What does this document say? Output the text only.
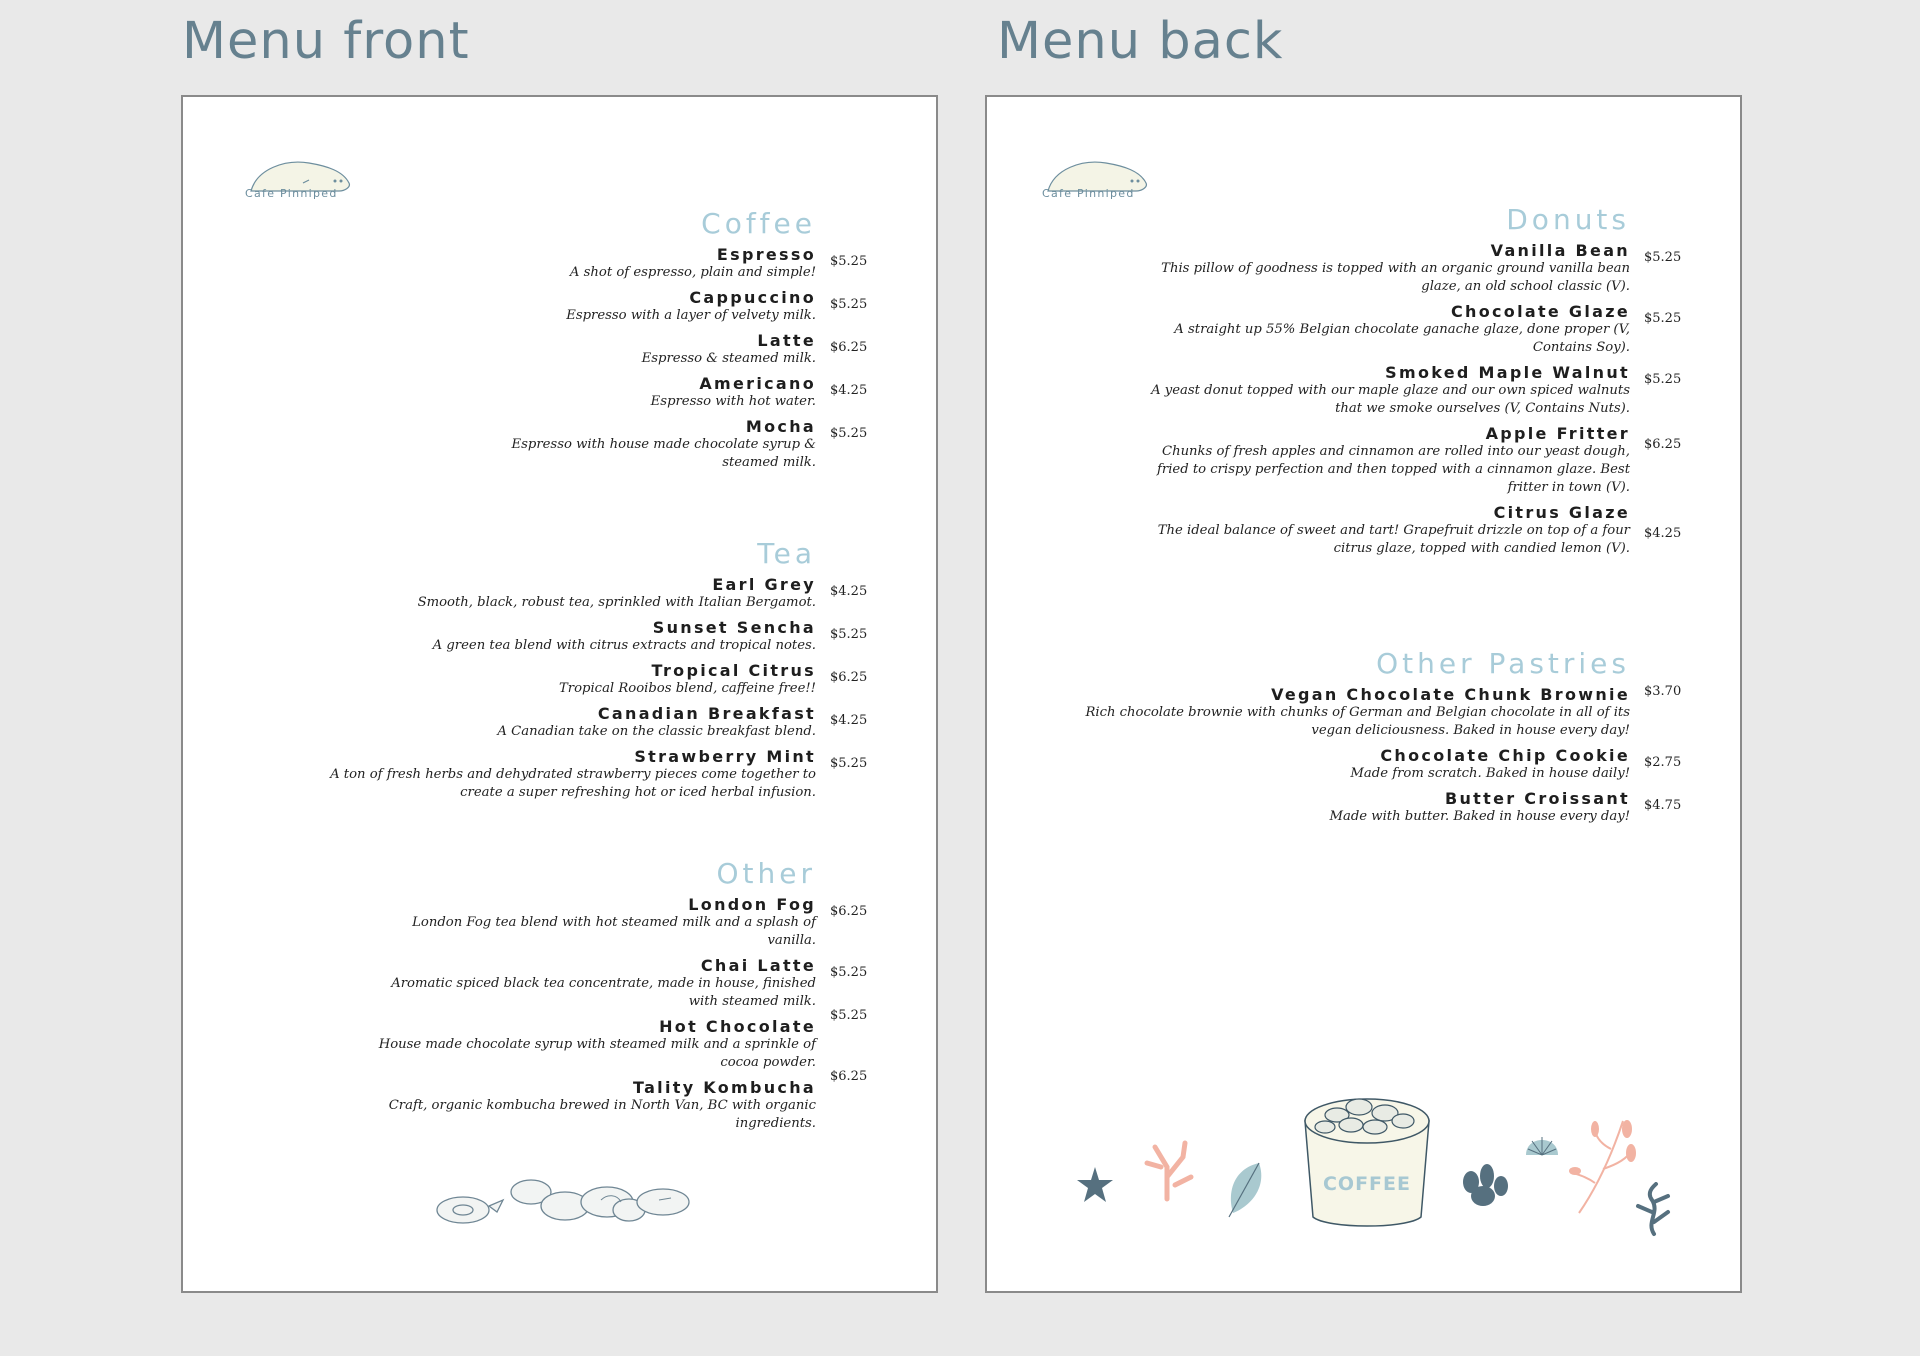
Menu front	Menu back
Cafe Pinniped
Coffee
Espresso
A shot of espresso, plain and simple!
$5.25
Cappuccino
Espresso with a layer of velvety milk.
$5.25
Latte
Espresso & steamed milk.
$6.25
Americano
Espresso with hot water.
$4.25
Mocha
Espresso with house made chocolate syrup &
steamed milk.
$5.25
Tea
Earl Grey
Smooth, black, robust tea, sprinkled with Italian Bergamot.
$4.25
Sunset Sencha
A green tea blend with citrus extracts and tropical notes.
$5.25
Tropical Citrus
Tropical Rooibos blend, caffeine free!!
$6.25
Canadian Breakfast
A Canadian take on the classic breakfast blend.
$4.25
Strawberry Mint
A ton of fresh herbs and dehydrated strawberry pieces come together to
create a super refreshing hot or iced herbal infusion.
$5.25
Other
London Fog
London Fog tea blend with hot steamed milk and a splash of
vanilla.
$6.25
Chai Latte
Aromatic spiced black tea concentrate, made in house, finished
with steamed milk.
$5.25
Hot Chocolate
House made chocolate syrup with steamed milk and a sprinkle of
cocoa powder.
$5.25
Tality Kombucha
Craft, organic kombucha brewed in North Van, BC with organic
ingredients.
$6.25
Cafe Pinniped
Donuts
Vanilla Bean
This pillow of goodness is topped with an organic ground vanilla bean
glaze, an old school classic (V).
$5.25
Chocolate Glaze
A straight up 55% Belgian chocolate ganache glaze, done proper (V,
Contains Soy).
$5.25
Smoked Maple Walnut
A yeast donut topped with our maple glaze and our own spiced walnuts
that we smoke ourselves (V, Contains Nuts).
$5.25
Apple Fritter
Chunks of fresh apples and cinnamon are rolled into our yeast dough,
fried to crispy perfection and then topped with a cinnamon glaze. Best
fritter in town (V).
$6.25
Citrus Glaze
The ideal balance of sweet and tart! Grapefruit drizzle on top of a four
citrus glaze, topped with candied lemon (V).
$4.25
Other Pastries
Vegan Chocolate Chunk Brownie
Rich chocolate brownie with chunks of German and Belgian chocolate in all of its
vegan deliciousness. Baked in house every day!
$3.70
Chocolate Chip Cookie
Made from scratch. Baked in house daily!
$2.75
Butter Croissant
Made with butter. Baked in house every day!
$4.75
COFFEE
